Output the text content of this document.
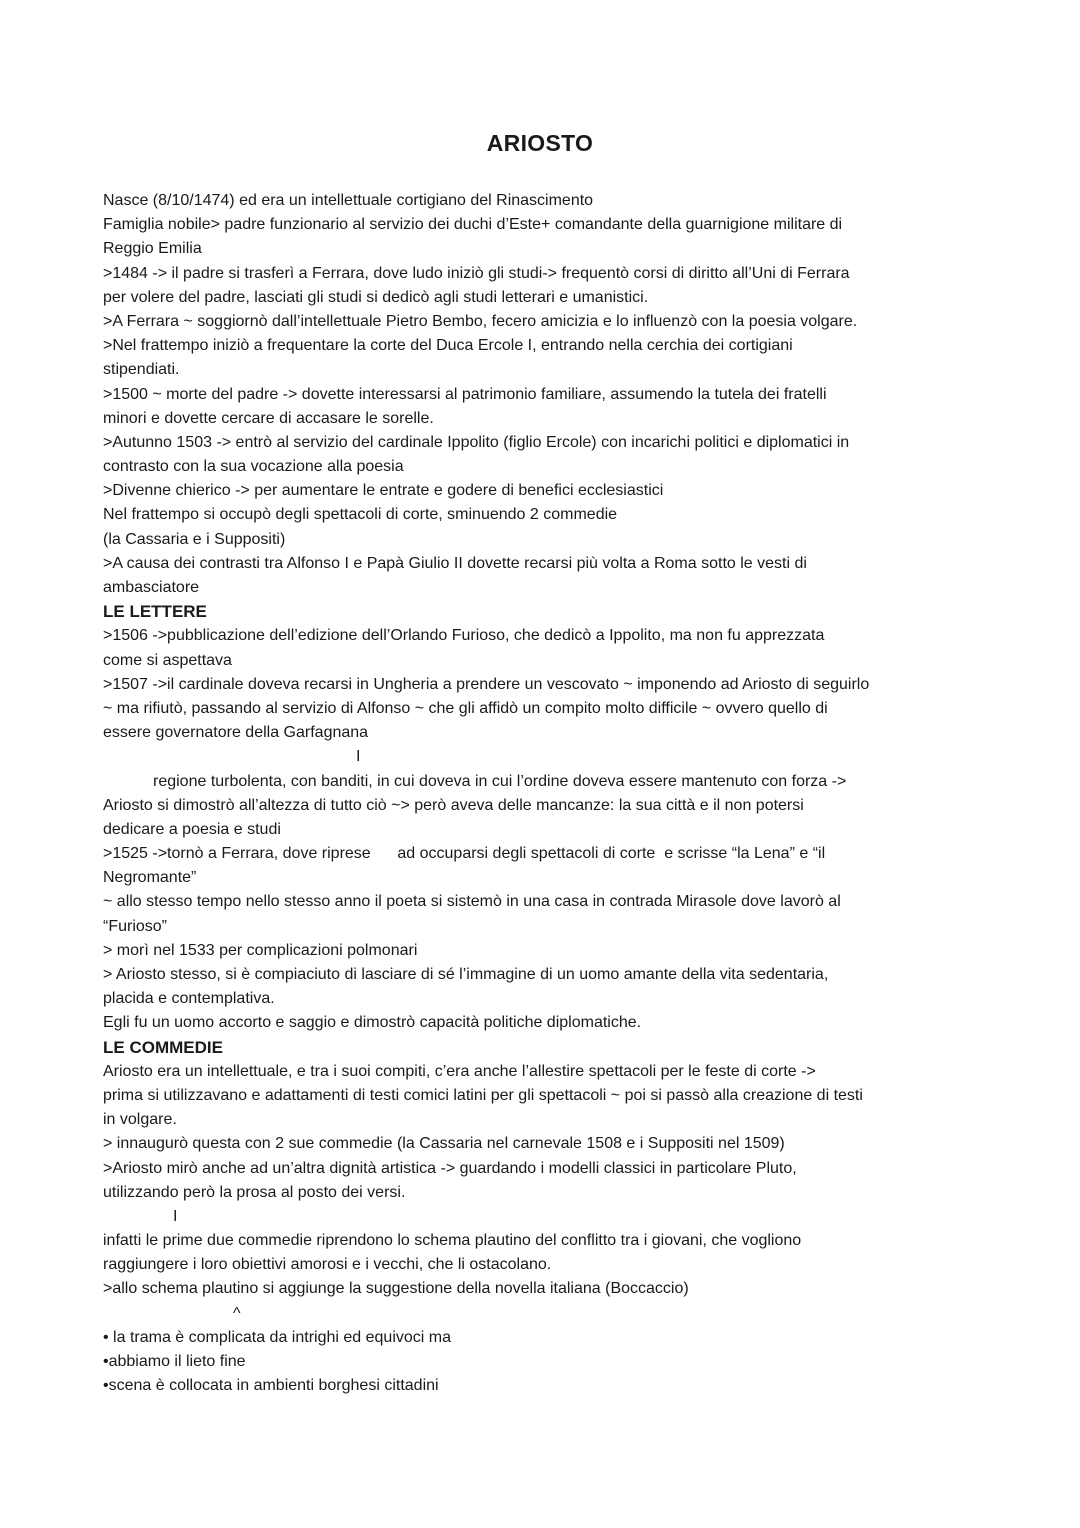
ARIOSTO
Nasce (8/10/1474) ed era un intellettuale cortigiano del Rinascimento
Famiglia nobile> padre funzionario al servizio dei duchi d’Este+ comandante della guarnigione militare di
Reggio Emilia
>1484 -> il padre si trasferì a Ferrara, dove ludo iniziò gli studi-> frequentò corsi di diritto all’Uni di Ferrara
per volere del padre, lasciati gli studi si dedicò agli studi letterari e umanistici.
>A Ferrara ~ soggiornò dall’intellettuale Pietro Bembo, fecero amicizia e lo influenzò con la poesia volgare.
>Nel frattempo iniziò a frequentare la corte del Duca Ercole I, entrando nella cerchia dei cortigiani
stipendiati.
>1500 ~ morte del padre -> dovette interessarsi al patrimonio familiare, assumendo la tutela dei fratelli
minori e dovette cercare di accasare le sorelle.
>Autunno 1503 -> entrò al servizio del cardinale Ippolito (figlio Ercole) con incarichi politici e diplomatici in
contrasto con la sua vocazione alla poesia
>Divenne chierico -> per aumentare le entrate e godere di benefici ecclesiastici
Nel frattempo si occupò degli spettacoli di corte, sminuendo 2 commedie
(la Cassaria e i Suppositi)
>A causa dei contrasti tra Alfonso I e Papà Giulio II dovette recarsi più volta a Roma sotto le vesti di
ambasciatore
LE LETTERE
>1506 ->pubblicazione dell’edizione dell’Orlando Furioso, che dedicò a Ippolito, ma non fu apprezzata
come si aspettava
>1507 ->il cardinale doveva recarsi in Ungheria a prendere un vescovato ~ imponendo ad Ariosto di seguirlo
~ ma rifiutò, passando al servizio di Alfonso ~ che gli affidò un compito molto difficile ~ ovvero quello di
essere governatore della Garfagnana
I
regione turbolenta, con banditi, in cui doveva in cui l’ordine doveva essere mantenuto con forza ->
Ariosto si dimostrò all’altezza di tutto ciò ~> però aveva delle mancanze: la sua città e il non potersi
dedicare a poesia e studi
>1525 ->tornò a Ferrara, dove riprese      ad occuparsi degli spettacoli di corte  e scrisse “la Lena” e “il
Negromante”
~ allo stesso tempo nello stesso anno il poeta si sistemò in una casa in contrada Mirasole dove lavorò al
“Furioso”
> morì nel 1533 per complicazioni polmonari
> Ariosto stesso, si è compiaciuto di lasciare di sé l’immagine di un uomo amante della vita sedentaria,
placida e contemplativa.
Egli fu un uomo accorto e saggio e dimostrò capacità politiche diplomatiche.
LE COMMEDIE
Ariosto era un intellettuale, e tra i suoi compiti, c’era anche l’allestire spettacoli per le feste di corte ->
prima si utilizzavano e adattamenti di testi comici latini per gli spettacoli ~ poi si passò alla creazione di testi
in volgare.
> innaugurò questa con 2 sue commedie (la Cassaria nel carnevale 1508 e i Suppositi nel 1509)
>Ariosto mirò anche ad un’altra dignità artistica -> guardando i modelli classici in particolare Pluto,
utilizzando però la prosa al posto dei versi.
I
infatti le prime due commedie riprendono lo schema plautino del conflitto tra i giovani, che vogliono
raggiungere i loro obiettivi amorosi e i vecchi, che li ostacolano.
>allo schema plautino si aggiunge la suggestione della novella italiana (Boccaccio)
^
• la trama è complicata da intrighi ed equivoci ma
•abbiamo il lieto fine
•scena è collocata in ambienti borghesi cittadini
